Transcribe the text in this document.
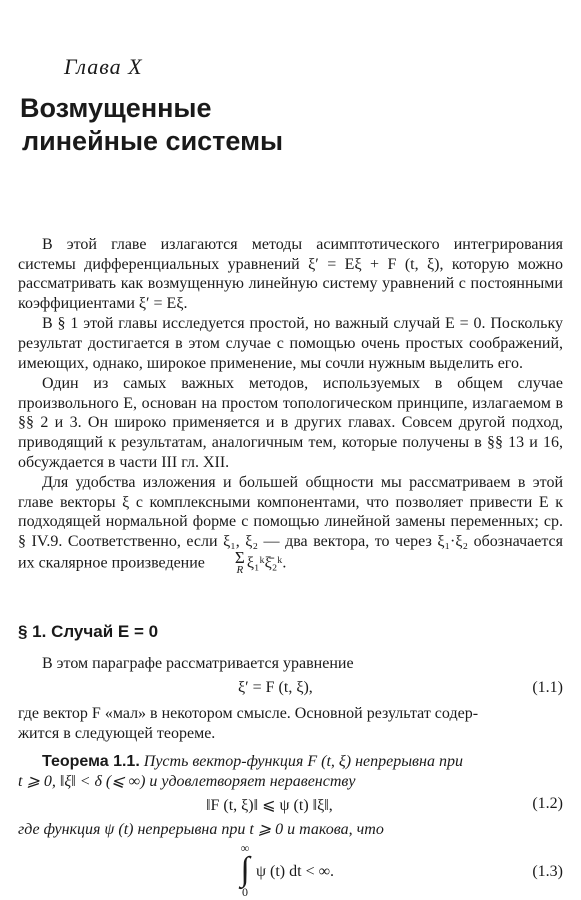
Глава X
Возмущенные
линейные системы

В этой главе излагаются методы асимптотического интегрирования системы дифференциальных уравнений ξ′ = Eξ + F (t, ξ), которую можно рассматривать как возмущенную линейную систему уравнений с постоянными коэффициентами ξ′ = Eξ.

В § 1 этой главы исследуется простой, но важный случай E = 0. Поскольку результат достигается в этом случае с помощью очень простых соображений, имеющих, однако, широкое применение, мы сочли нужным выделить его.

Один из самых важных методов, используемых в общем случае произвольного E, основан на простом топологическом принципе, излагаемом в §§ 2 и 3. Он широко применяется и в других главах. Совсем другой подход, приводящий к результатам, аналогичным тем, которые получены в §§ 13 и 16, обсуждается в части III гл. XII.

Для удобства изложения и большей общности мы рассматриваем в этой главе векторы ξ с комплексными компонентами, что позволяет привести E к подходящей нормальной форме с помощью линейной замены переменных; ср. § IV.9. Соответственно, если ξ₁, ξ₂ — два вектора, то через ξ₁·ξ₂ обозначается их скалярное произведение	Σ
R ξ₁ᵏξ̄₂ᵏ.

§ 1. Случай E = 0
В этом параграфе рассматривается уравнение
ξ′ = F (t, ξ),	(1.1)
где вектор F «мал» в некотором смысле. Основной результат содер-
жится в следующей теореме.
Теорема 1.1. Пусть вектор-функция F (t, ξ) непрерывна при
t ⩾ 0, ‖ξ‖ < δ (⩽ ∞) и удовлетворяет неравенству
‖F (t, ξ)‖ ⩽ ψ (t) ‖ξ‖,	(1.2)
где функция ψ (t) непрерывна при t ⩾ 0 и такова, что
∞
∫
0
ψ (t) dt < ∞.	(1.3)
